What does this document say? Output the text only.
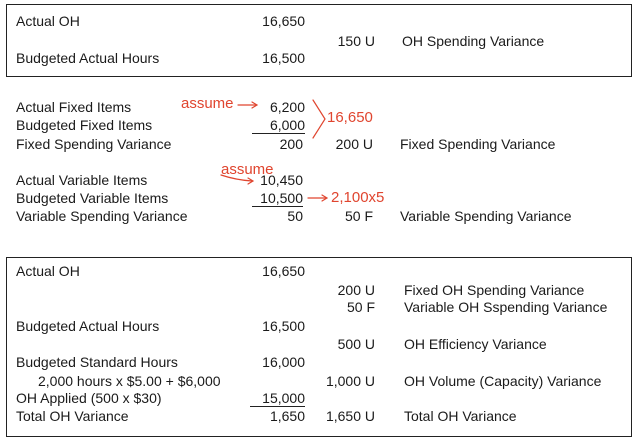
Actual OH	16,650
150 U OH Spending Variance
Budgeted Actual Hours	16,500
Actual Fixed Items	6,200
Budgeted Fixed Items	6,000
Fixed Spending Variance	200	200 U Fixed Spending Variance
Actual Variable Items	10,450
Budgeted Variable Items	10,500
Variable Spending Variance	50	50 F Variable Spending Variance
assume
assume
16,650
2,100x5
Actual OH	16,650
200 U Fixed OH Spending Variance
50 F Variable OH Sspending Variance
Budgeted Actual Hours	16,500
500 U OH Efficiency Variance
Budgeted Standard Hours	16,000
2,000 hours x $5.00 + $6,000	1,000 U OH Volume (Capacity) Variance
OH Applied (500 x $30)	15,000
Total OH Variance	1,650	1,650 U Total OH Variance
